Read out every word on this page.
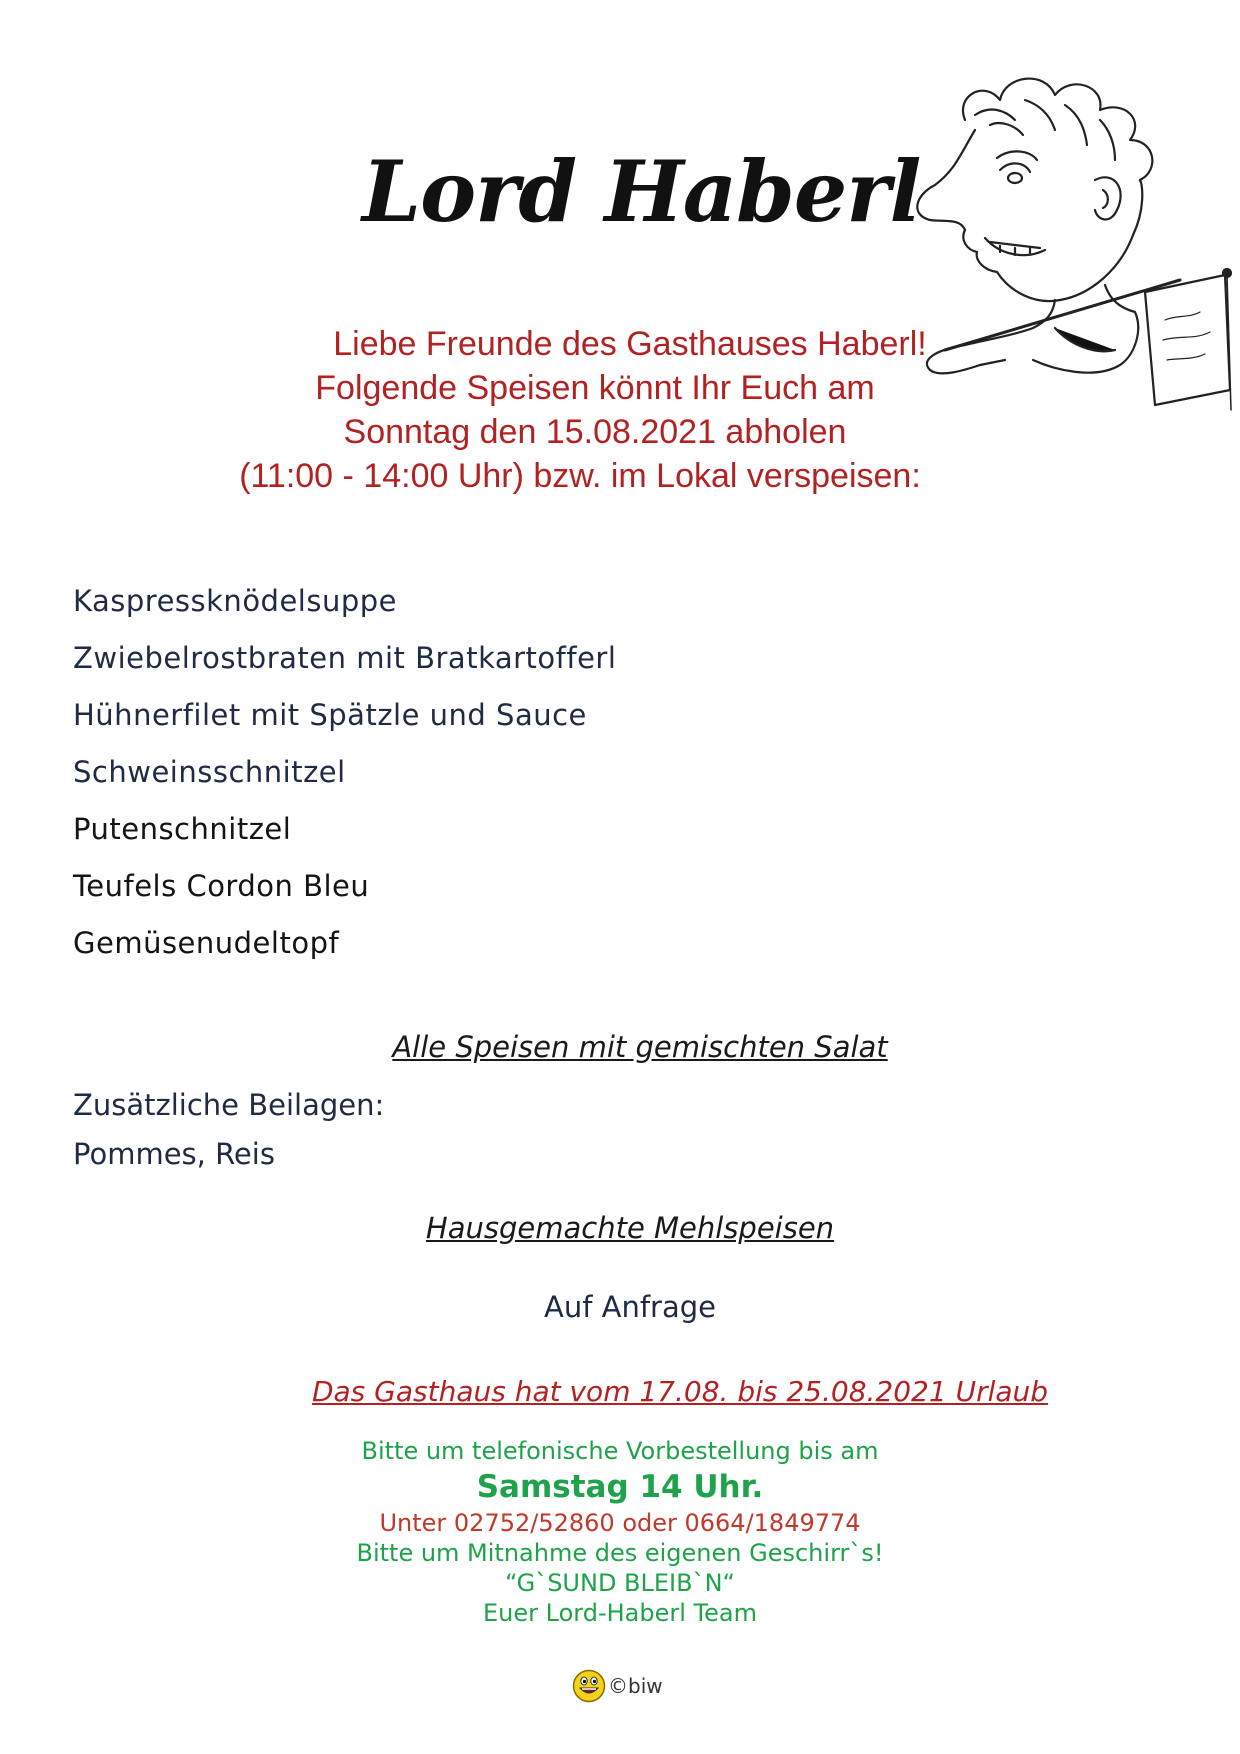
Lord Haberl
Liebe Freunde des Gasthauses Haberl!
Folgende Speisen könnt Ihr Euch am
Sonntag den 15.08.2021 abholen
(11:00 - 14:00 Uhr) bzw. im Lokal verspeisen:
Kaspressknödelsuppe
Zwiebelrostbraten mit Bratkartofferl
Hühnerfilet mit Spätzle und Sauce
Schweinsschnitzel
Putenschnitzel
Teufels Cordon Bleu
Gemüsenudeltopf
Alle Speisen mit gemischten Salat
Zusätzliche Beilagen:
Pommes, Reis
Hausgemachte Mehlspeisen
Auf Anfrage
Das Gasthaus hat vom 17.08. bis 25.08.2021 Urlaub
Bitte um telefonische Vorbestellung bis am
Samstag 14 Uhr.
Unter 02752/52860 oder 0664/1849774
Bitte um Mitnahme des eigenen Geschirr`s!
“G`SUND BLEIB`N“
Euer Lord-Haberl Team
©biw
